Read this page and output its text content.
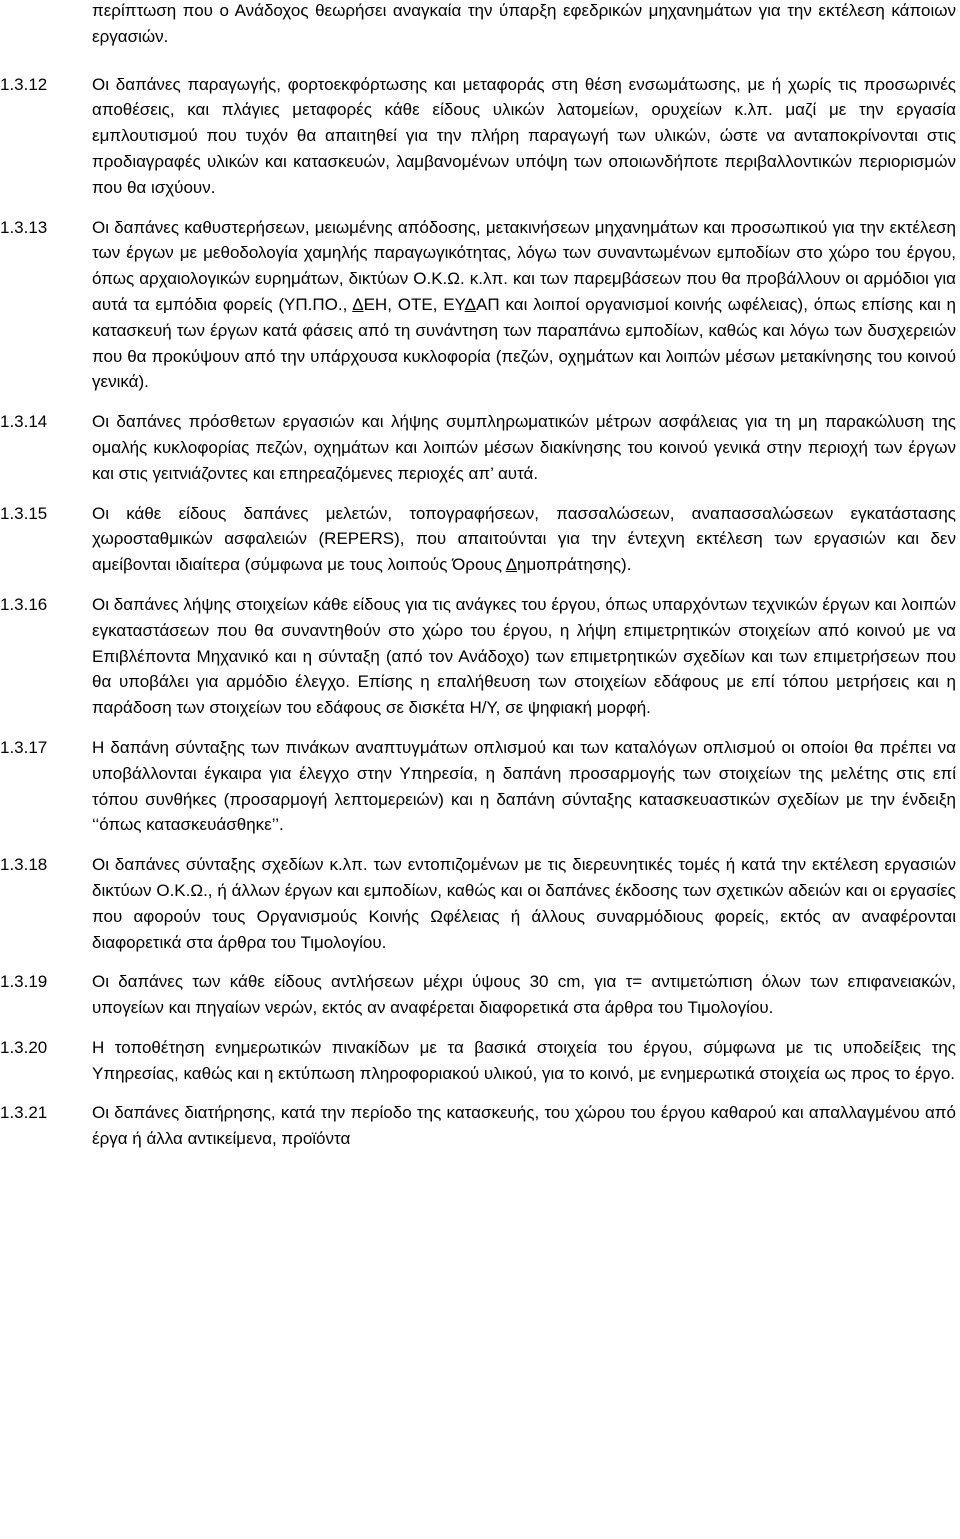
περίπτωση που ο Ανάδοχος θεωρήσει αναγκαία την ύπαρξη εφεδρικών μηχανημάτων για την εκτέλεση κάποιων εργασιών.
1.3.12	Οι δαπάνες παραγωγής, φορτοεκφόρτωσης και μεταφοράς στη θέση ενσωμάτωσης, με ή χωρίς τις προσωρινές αποθέσεις, και πλάγιες μεταφορές κάθε είδους υλικών λατομείων, ορυχείων κ.λπ. μαζί με την εργασία εμπλουτισμού που τυχόν θα απαιτηθεί για την πλήρη παραγωγή των υλικών, ώστε να ανταποκρίνονται στις προδιαγραφές υλικών και κατασκευών, λαμβανομένων υπόψη των οποιωνδήποτε περιβαλλοντικών περιορισμών που θα ισχύουν.
1.3.13	Οι δαπάνες καθυστερήσεων, μειωμένης απόδοσης, μετακινήσεων μηχανημάτων και προσωπικού για την εκτέλεση των έργων με μεθοδολογία χαμηλής παραγωγικότητας, λόγω των συναντωμένων εμποδίων στο χώρο του έργου, όπως αρχαιολογικών ευρημάτων, δικτύων Ο.Κ.Ω. κ.λπ. και των παρεμβάσεων που θα προβάλλουν οι αρμόδιοι για αυτά τα εμπόδια φορείς (ΥΠ.ΠΟ., ΔΕΗ, ΟΤΕ, ΕΥΔΑΠ και λοιποί οργανισμοί κοινής ωφέλειας), όπως επίσης και η κατασκευή των έργων κατά φάσεις από τη συνάντηση των παραπάνω εμποδίων, καθώς και λόγω των δυσχερειών που θα προκύψουν από την υπάρχουσα κυκλοφορία (πεζών, οχημάτων και λοιπών μέσων μετακίνησης του κοινού γενικά).
1.3.14	Οι δαπάνες πρόσθετων εργασιών και λήψης συμπληρωματικών μέτρων ασφάλειας για τη μη παρακώλυση της ομαλής κυκλοφορίας πεζών, οχημάτων και λοιπών μέσων διακίνησης του κοινού γενικά στην περιοχή των έργων και στις γειτνιάζοντες και επηρεαζόμενες περιοχές απ’ αυτά.
1.3.15	Οι κάθε είδους δαπάνες μελετών, τοπογραφήσεων, πασσαλώσεων, αναπασσαλώσεων εγκατάστασης χωροσταθμικών ασφαλειών (REPERS), που απαιτούνται για την έντεχνη εκτέλεση των εργασιών και δεν αμείβονται ιδιαίτερα (σύμφωνα με τους λοιπούς Όρους Δημοπράτησης).
1.3.16	Οι δαπάνες λήψης στοιχείων κάθε είδους για τις ανάγκες του έργου, όπως υπαρχόντων τεχνικών έργων και λοιπών εγκαταστάσεων που θα συναντηθούν στο χώρο του έργου, η λήψη επιμετρητικών στοιχείων από κοινού με να Επιβλέποντα Μηχανικό και η σύνταξη (από τον Ανάδοχο) των επιμετρητικών σχεδίων και των επιμετρήσεων που θα υποβάλει για αρμόδιο έλεγχο. Επίσης η επαλήθευση των στοιχείων εδάφους με επί τόπου μετρήσεις και η παράδοση των στοιχείων του εδάφους σε δισκέτα Η/Υ, σε ψηφιακή μορφή.
1.3.17	Η δαπάνη σύνταξης των πινάκων αναπτυγμάτων οπλισμού και των καταλόγων οπλισμού οι οποίοι θα πρέπει να υποβάλλονται έγκαιρα για έλεγχο στην Υπηρεσία, η δαπάνη προσαρμογής των στοιχείων της μελέτης στις επί τόπου συνθήκες (προσαρμογή λεπτομερειών) και η δαπάνη σύνταξης κατασκευαστικών σχεδίων με την ένδειξη ‘‘όπως κατασκευάσθηκε’’.
1.3.18	Οι δαπάνες σύνταξης σχεδίων κ.λπ. των εντοπιζομένων με τις διερευνητικές τομές ή κατά την εκτέλεση εργασιών δικτύων Ο.Κ.Ω., ή άλλων έργων και εμποδίων, καθώς και οι δαπάνες έκδοσης των σχετικών αδειών και οι εργασίες που αφορούν τους Οργανισμούς Κοινής Ωφέλειας ή άλλους συναρμόδιους φορείς, εκτός αν αναφέρονται διαφορετικά στα άρθρα του Τιμολογίου.
1.3.19	Οι δαπάνες των κάθε είδους αντλήσεων μέχρι ύψους 30 cm, για τ= αντιμετώπιση όλων των επιφανειακών, υπογείων και πηγαίων νερών, εκτός αν αναφέρεται διαφορετικά στα άρθρα του Τιμολογίου.
1.3.20	Η τοποθέτηση ενημερωτικών πινακίδων με τα βασικά στοιχεία του έργου, σύμφωνα με τις υποδείξεις της Υπηρεσίας, καθώς και η εκτύπωση πληροφοριακού υλικού, για το κοινό, με ενημερωτικά στοιχεία ως προς το έργο.
1.3.21	Οι δαπάνες διατήρησης, κατά την περίοδο της κατασκευής, του χώρου του έργου καθαρού και απαλλαγμένου από έργα ή άλλα αντικείμενα, προϊόντα
